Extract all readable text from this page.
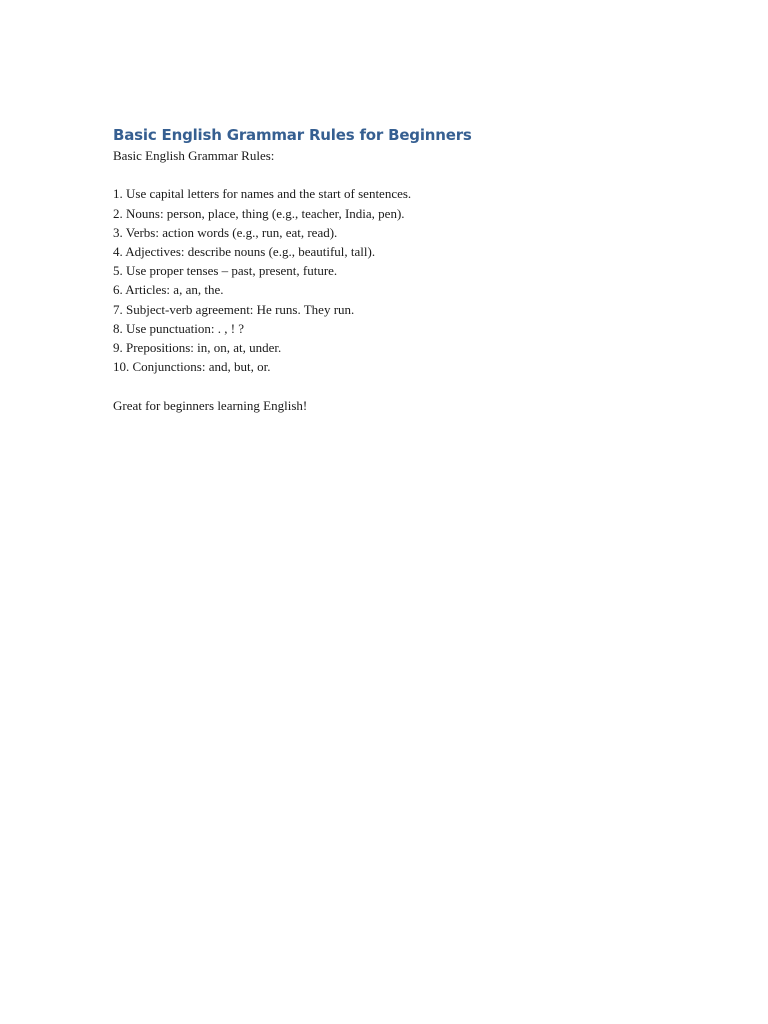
Basic English Grammar Rules for Beginners

Basic English Grammar Rules:

1. Use capital letters for names and the start of sentences.
2. Nouns: person, place, thing (e.g., teacher, India, pen).
3. Verbs: action words (e.g., run, eat, read).
4. Adjectives: describe nouns (e.g., beautiful, tall).
5. Use proper tenses – past, present, future.
6. Articles: a, an, the.
7. Subject-verb agreement: He runs. They run.
8. Use punctuation: . , ! ?
9. Prepositions: in, on, at, under.
10. Conjunctions: and, but, or.

Great for beginners learning English!
